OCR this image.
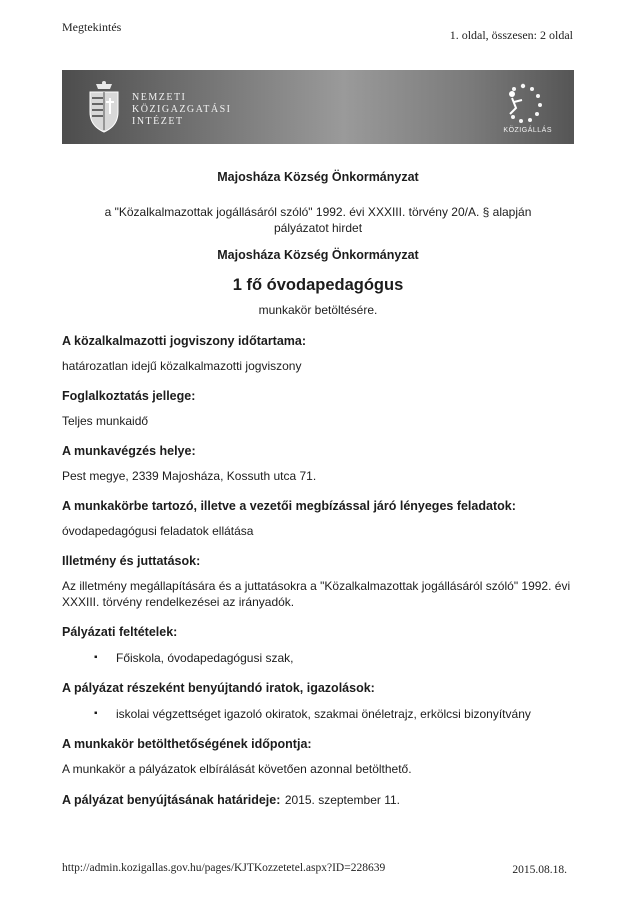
Megtekintés
1. oldal, összesen: 2 oldal
NEMZETI
KÖZIGAZGATÁSI
INTÉZET
KÖZIGÁLLÁS
Majosháza Község Önkormányzat
a "Közalkalmazottak jogállásáról szóló" 1992. évi XXXIII. törvény 20/A. § alapján
pályázatot hirdet
Majosháza Község Önkormányzat
1 fő óvodapedagógus
munkakör betöltésére.
A közalkalmazotti jogviszony időtartama:
határozatlan idejű közalkalmazotti jogviszony
Foglalkoztatás jellege:
Teljes munkaidő
A munkavégzés helye:
Pest megye, 2339 Majosháza, Kossuth utca 71.
A munkakörbe tartozó, illetve a vezetői megbízással járó lényeges feladatok:
óvodapedagógusi feladatok ellátása
Illetmény és juttatások:
Az illetmény megállapítására és a juttatásokra a "Közalkalmazottak jogállásáról szóló" 1992. évi XXXIII. törvény rendelkezései az irányadók.
Pályázati feltételek:
▪ Főiskola, óvodapedagógusi szak,
A pályázat részeként benyújtandó iratok, igazolások:
▪ iskolai végzettséget igazoló okiratok, szakmai önéletrajz, erkölcsi bizonyítvány
A munkakör betölthetőségének időpontja:
A munkakör a pályázatok elbírálását követően azonnal betölthető.
A pályázat benyújtásának határideje: 2015. szeptember 11.
http://admin.kozigallas.gov.hu/pages/KJTKozzetetel.aspx?ID=228639	2015.08.18.
